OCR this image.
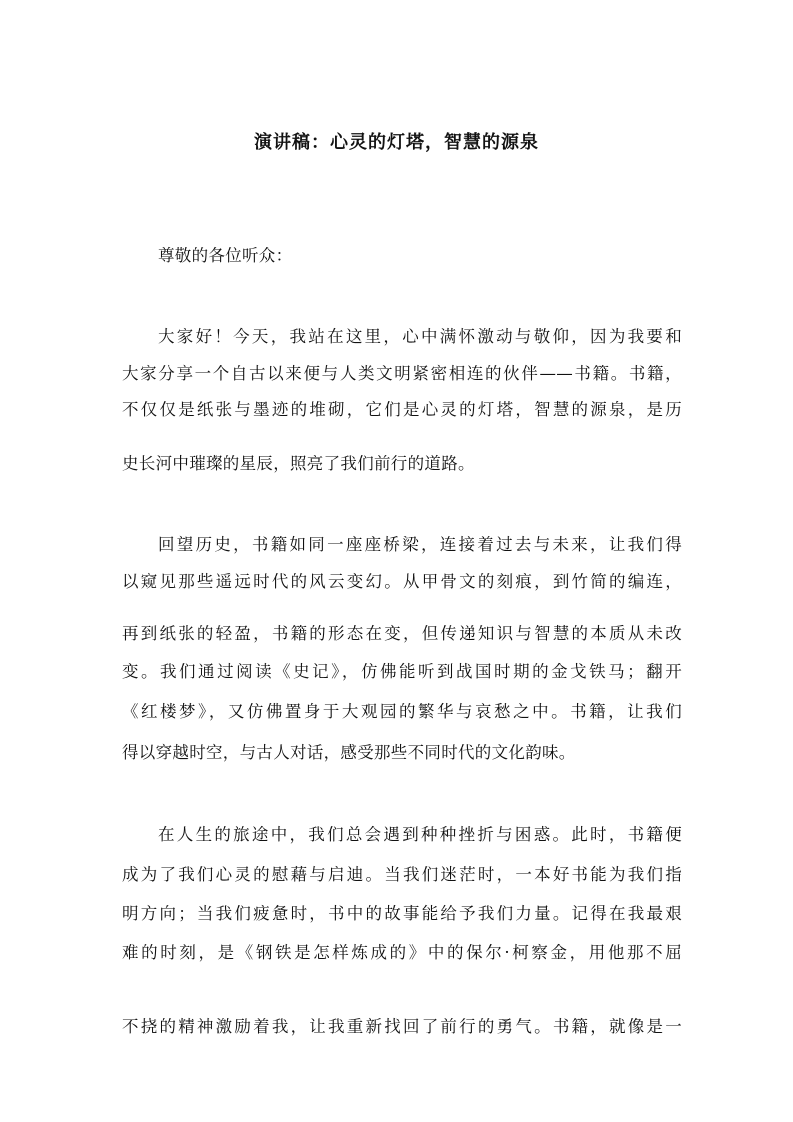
演讲稿：心灵的灯塔，智慧的源泉

尊敬的各位听众：

大家好！今天，我站在这里，心中满怀激动与敬仰，因为我要和

大家分享一个自古以来便与人类文明紧密相连的伙伴——书籍。书籍，

不仅仅是纸张与墨迹的堆砌，它们是心灵的灯塔，智慧的源泉，是历

史长河中璀璨的星辰，照亮了我们前行的道路。

回望历史，书籍如同一座座桥梁，连接着过去与未来，让我们得

以窥见那些遥远时代的风云变幻。从甲骨文的刻痕，到竹简的编连，

再到纸张的轻盈，书籍的形态在变，但传递知识与智慧的本质从未改

变。我们通过阅读《史记》，仿佛能听到战国时期的金戈铁马；翻开

《红楼梦》，又仿佛置身于大观园的繁华与哀愁之中。书籍，让我们

得以穿越时空，与古人对话，感受那些不同时代的文化韵味。

在人生的旅途中，我们总会遇到种种挫折与困惑。此时，书籍便

成为了我们心灵的慰藉与启迪。当我们迷茫时，一本好书能为我们指

明方向；当我们疲惫时，书中的故事能给予我们力量。记得在我最艰

难的时刻，是《钢铁是怎样炼成的》中的保尔·柯察金，用他那不屈

不挠的精神激励着我，让我重新找回了前行的勇气。书籍，就像是一
